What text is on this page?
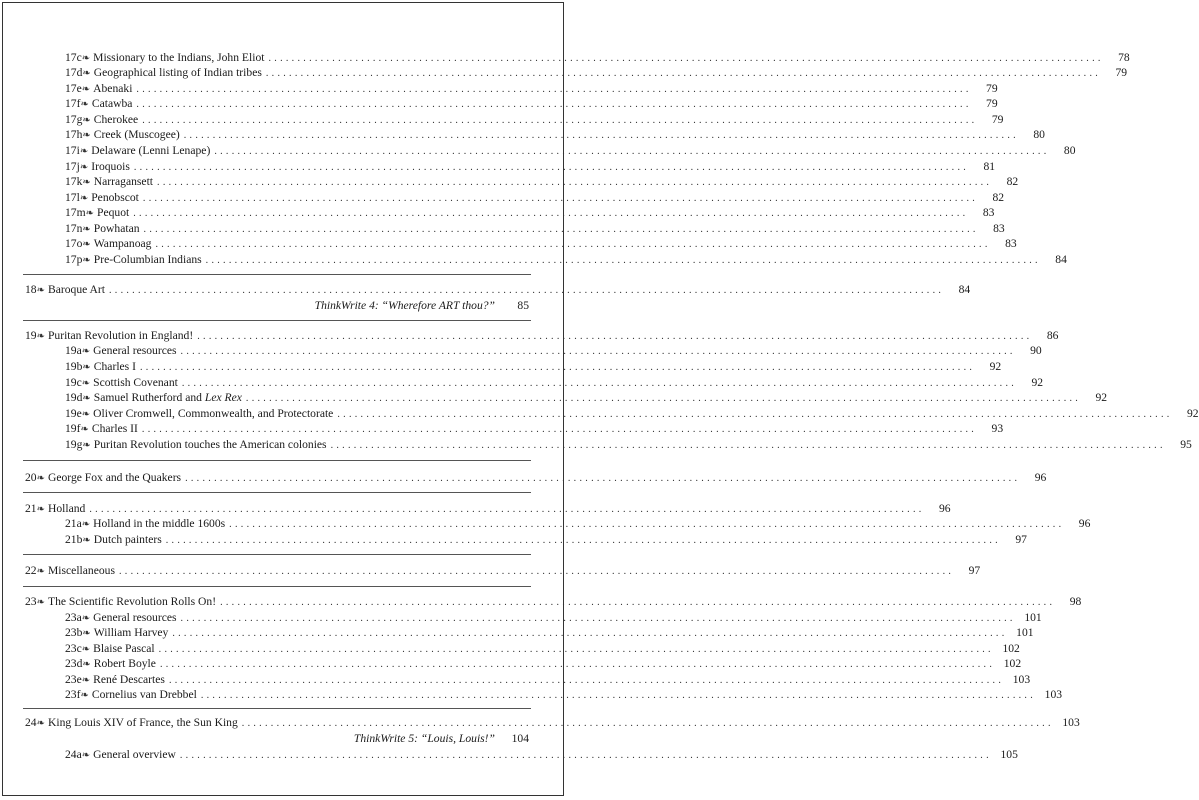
17c❧ Missionary to the Indians, John Eliot ................................................................................................................................................	78
17d❧ Geographical listing of Indian tribes ................................................................................................................................................	79
17e❧ Abenaki ................................................................................................................................................	79
17f❧ Catawba ................................................................................................................................................	79
17g❧ Cherokee ................................................................................................................................................	79
17h❧ Creek (Muscogee) ................................................................................................................................................	80
17i❧ Delaware (Lenni Lenape) ................................................................................................................................................	80
17j❧ Iroquois ................................................................................................................................................	81
17k❧ Narragansett ................................................................................................................................................	82
17l❧ Penobscot ................................................................................................................................................	82
17m❧ Pequot ................................................................................................................................................	83
17n❧ Powhatan ................................................................................................................................................	83
17o❧ Wampanoag ................................................................................................................................................	83
17p❧ Pre-Columbian Indians ................................................................................................................................................	84
18❧ Baroque Art ................................................................................................................................................	84
ThinkWrite 4: “Wherefore ART thou?”	85
19❧ Puritan Revolution in England! ................................................................................................................................................	86
19a❧ General resources ................................................................................................................................................	90
19b❧ Charles I ................................................................................................................................................	92
19c❧ Scottish Covenant ................................................................................................................................................	92
19d❧ Samuel Rutherford and Lex Rex ................................................................................................................................................	92
19e❧ Oliver Cromwell, Commonwealth, and Protectorate ................................................................................................................................................	92
19f❧ Charles II ................................................................................................................................................	93
19g❧ Puritan Revolution touches the American colonies ................................................................................................................................................	95
20❧ George Fox and the Quakers ................................................................................................................................................	96
21❧ Holland ................................................................................................................................................	96
21a❧ Holland in the middle 1600s ................................................................................................................................................	96
21b❧ Dutch painters ................................................................................................................................................	97
22❧ Miscellaneous ................................................................................................................................................	97
23❧ The Scientific Revolution Rolls On! ................................................................................................................................................	98
23a❧ General resources ................................................................................................................................................ 101
23b❧ William Harvey ................................................................................................................................................ 101
23c❧ Blaise Pascal ................................................................................................................................................ 102
23d❧ Robert Boyle ................................................................................................................................................ 102
23e❧ René Descartes ................................................................................................................................................ 103
23f❧ Cornelius van Drebbel ................................................................................................................................................ 103
24❧ King Louis XIV of France, the Sun King ............................................................................................................................................ 103
ThinkWrite 5: “Louis, Louis!” 104
24a❧ General overview ............................................................................................................................................ 105
